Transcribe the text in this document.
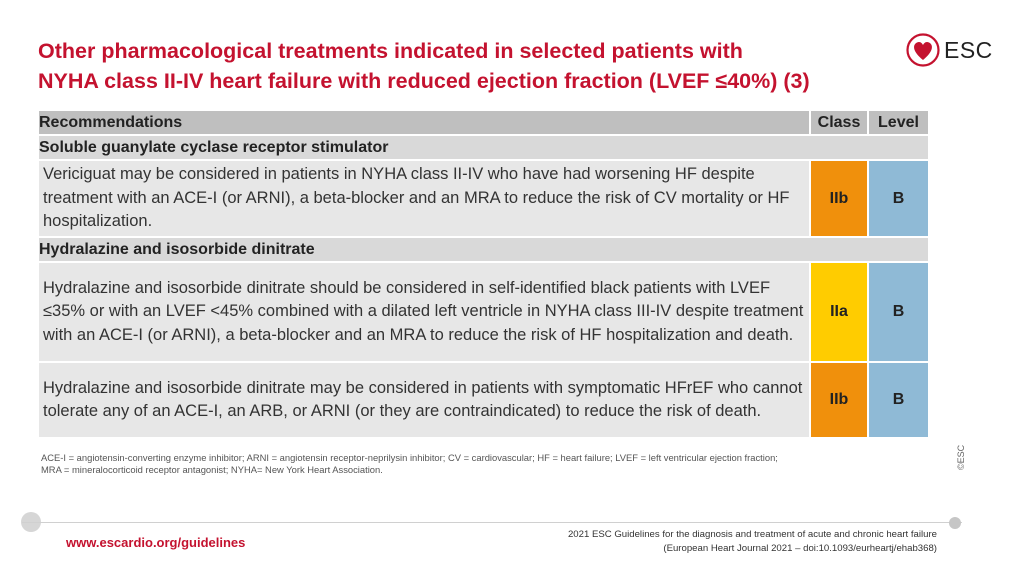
Other pharmacological treatments indicated in selected patients with
NYHA class II-IV heart failure with reduced ejection fraction (LVEF ≤40%) (3)
ESC
Recommendations	Class	Level
Soluble guanylate cyclase receptor stimulator		
Vericiguat may be considered in patients in NYHA class II-IV who have had worsening HF despite treatment with an ACE-I (or ARNI), a beta-blocker and an MRA to reduce the risk of CV mortality or HF hospitalization.	IIb	B
Hydralazine and isosorbide dinitrate		
Hydralazine and isosorbide dinitrate should be considered in self-identified black patients with LVEF ≤35% or with an LVEF <45% combined with a dilated left ventricle in NYHA class III-IV despite treatment with an ACE-I (or ARNI), a beta-blocker and an MRA to reduce the risk of HF hospitalization and death.	IIa	B
Hydralazine and isosorbide dinitrate may be considered in patients with symptomatic HFrEF who cannot tolerate any of an ACE-I, an ARB, or ARNI (or they are contraindicated) to reduce the risk of death.	IIb	B

ACE-I = angiotensin-converting enzyme inhibitor; ARNI = angiotensin receptor-neprilysin inhibitor; CV = cardiovascular; HF = heart failure; LVEF = left ventricular ejection fraction;
MRA = mineralocorticoid receptor antagonist; NYHA= New York Heart Association.	©ESC
www.escardio.org/guidelines
2021 ESC Guidelines for the diagnosis and treatment of acute and chronic heart failure
(European Heart Journal 2021 – doi:10.1093/eurheartj/ehab368)
